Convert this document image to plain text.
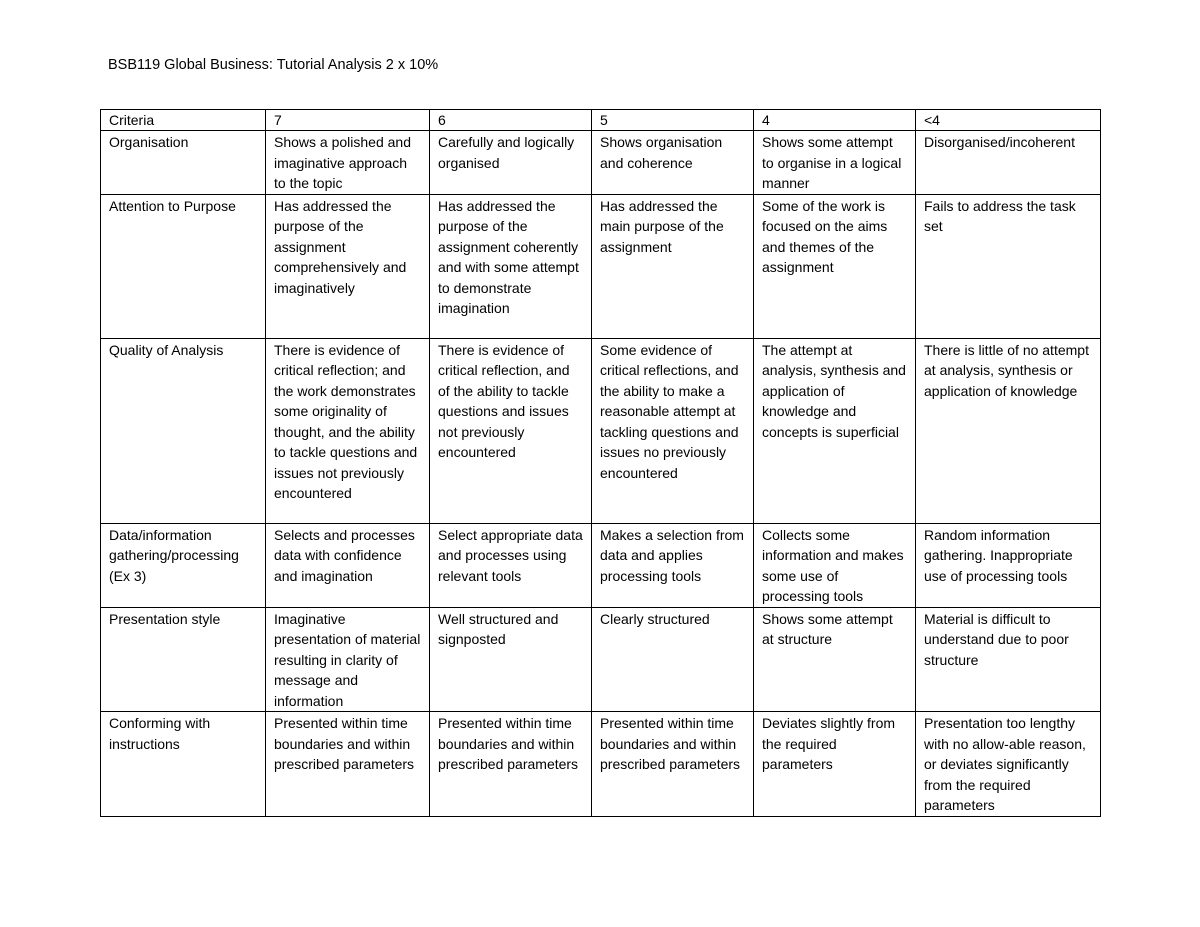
BSB119 Global Business: Tutorial Analysis 2 x 10%
Criteria	7	6	5	4	<4
Organisation	Shows a polished and imaginative approach to the topic	Carefully and logically organised	Shows organisation and coherence	Shows some attempt to organise in a logical manner	Disorganised/incoherent
Attention to Purpose	Has addressed the purpose of the assignment comprehensively and imaginatively	Has addressed the purpose of the assignment coherently and with some attempt to demonstrate imagination	Has addressed the main purpose of the assignment	Some of the work is focused on the aims and themes of the assignment	Fails to address the task set
Quality of Analysis	There is evidence of critical reflection; and the work demonstrates some originality of thought, and the ability to tackle questions and issues not previously encountered	There is evidence of critical reflection, and of the ability to tackle questions and issues not previously encountered	Some evidence of critical reflections, and the ability to make a reasonable attempt at tackling questions and issues no previously encountered	The attempt at analysis, synthesis and application of knowledge and concepts is superficial	There is little of no attempt at analysis, synthesis or application of knowledge
Data/information gathering/processing (Ex 3)	Selects and processes data with confidence and imagination	Select appropriate data and processes using relevant tools	Makes a selection from data and applies processing tools	Collects some information and makes some use of processing tools	Random information gathering. Inappropriate use of processing tools
Presentation style	Imaginative presentation of material resulting in clarity of message and information	Well structured and signposted	Clearly structured	Shows some attempt at structure	Material is difficult to understand due to poor structure
Conforming with instructions	Presented within time boundaries and within prescribed parameters	Presented within time boundaries and within prescribed parameters	Presented within time boundaries and within prescribed parameters	Deviates slightly from the required parameters	Presentation too lengthy with no allow-able reason, or deviates significantly from the required parameters
